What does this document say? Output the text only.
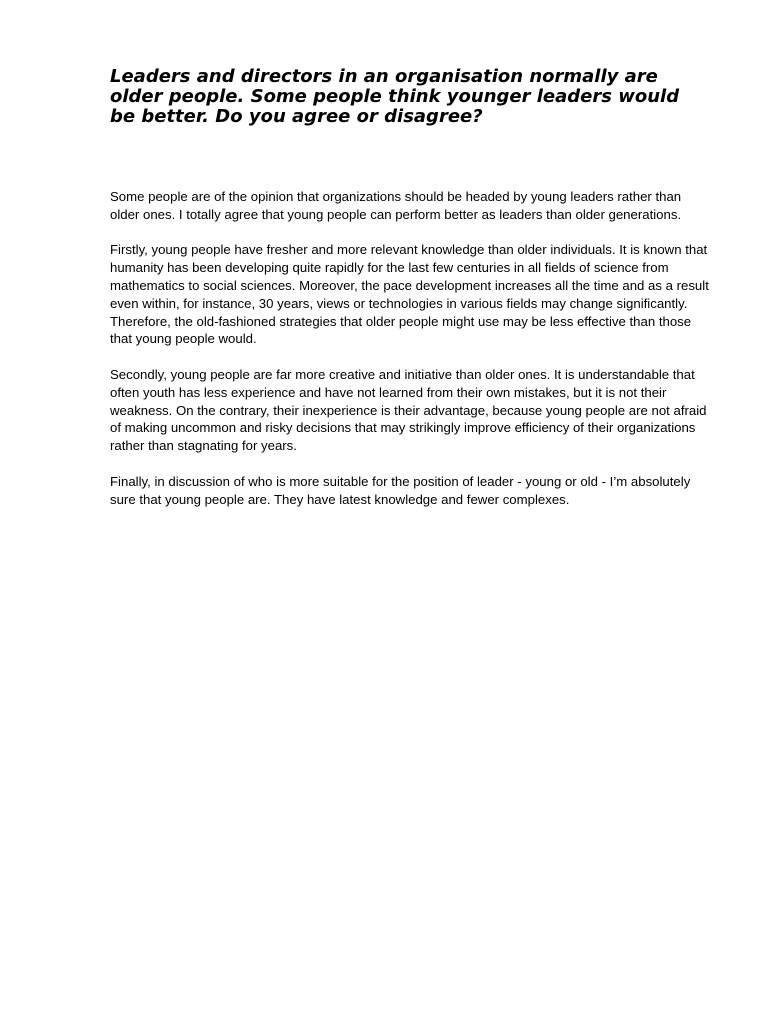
Leaders and directors in an organisation normally are older people. Some people think younger leaders would be better. Do you agree or disagree?

Some people are of the opinion that organizations should be headed by young leaders rather than older ones. I totally agree that young people can perform better as leaders than older generations.

Firstly, young people have fresher and more relevant knowledge than older individuals. It is known that humanity has been developing quite rapidly for the last few centuries in all fields of science from mathematics to social sciences. Moreover, the pace development increases all the time and as a result even within, for instance, 30 years, views or technologies in various fields may change significantly. Therefore, the old-fashioned strategies that older people might use may be less effective than those that young people would.

Secondly, young people are far more creative and initiative than older ones. It is understandable that often youth has less experience and have not learned from their own mistakes, but it is not their weakness. On the contrary, their inexperience is their advantage, because young people are not afraid of making uncommon and risky decisions that may strikingly improve efficiency of their organizations rather than stagnating for years.

Finally, in discussion of who is more suitable for the position of leader - young or old - I’m absolutely sure that young people are. They have latest knowledge and fewer complexes.
